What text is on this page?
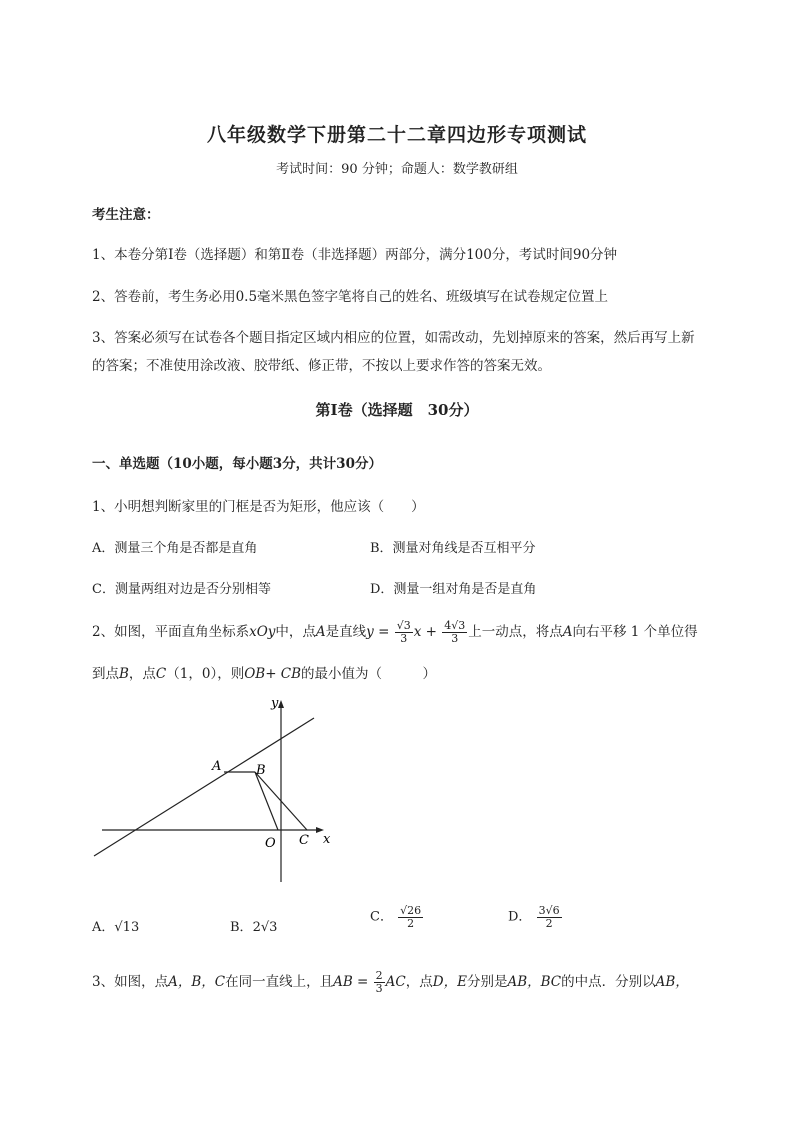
八年级数学下册第二十二章四边形专项测试
考试时间：90 分钟；命题人：数学教研组
考生注意：
1、本卷分第Ⅰ卷（选择题）和第Ⅱ卷（非选择题）两部分，满分100分，考试时间90分钟
2、答卷前，考生务必用0.5毫米黑色签字笔将自己的姓名、班级填写在试卷规定位置上
3、答案必须写在试卷各个题目指定区域内相应的位置，如需改动，先划掉原来的答案，然后再写上新
的答案；不准使用涂改液、胶带纸、修正带，不按以上要求作答的答案无效。
第Ⅰ卷（选择题　30分）
一、单选题（10小题，每小题3分，共计30分）
1、小明想判断家里的门框是否为矩形，他应该（　　）
A．测量三个角是否都是直角	B．测量对角线是否互相平分
C．测量两组对边是否分别相等	D．测量一组对角是否是直角
2、如图，平面直角坐标系xOy中，点A是直线$y = \frac{√3}{3}$ $x + \frac{4√3}{3}$ 上一动点，将点A向右平移 1 个单位得
到点B，点C（1，0），则OB+ CB的最小值为（　　　）
y
x
A	B
O C
A．√13	B．2√3
C． $\frac{√26}{2}$	D． $\frac{3√6}{2}$
3、如图，点A，B，C在同一直线上，且AB = $\frac{2}{3}$ AC，点D，E分别是AB，BC的中点．分别以AB，
